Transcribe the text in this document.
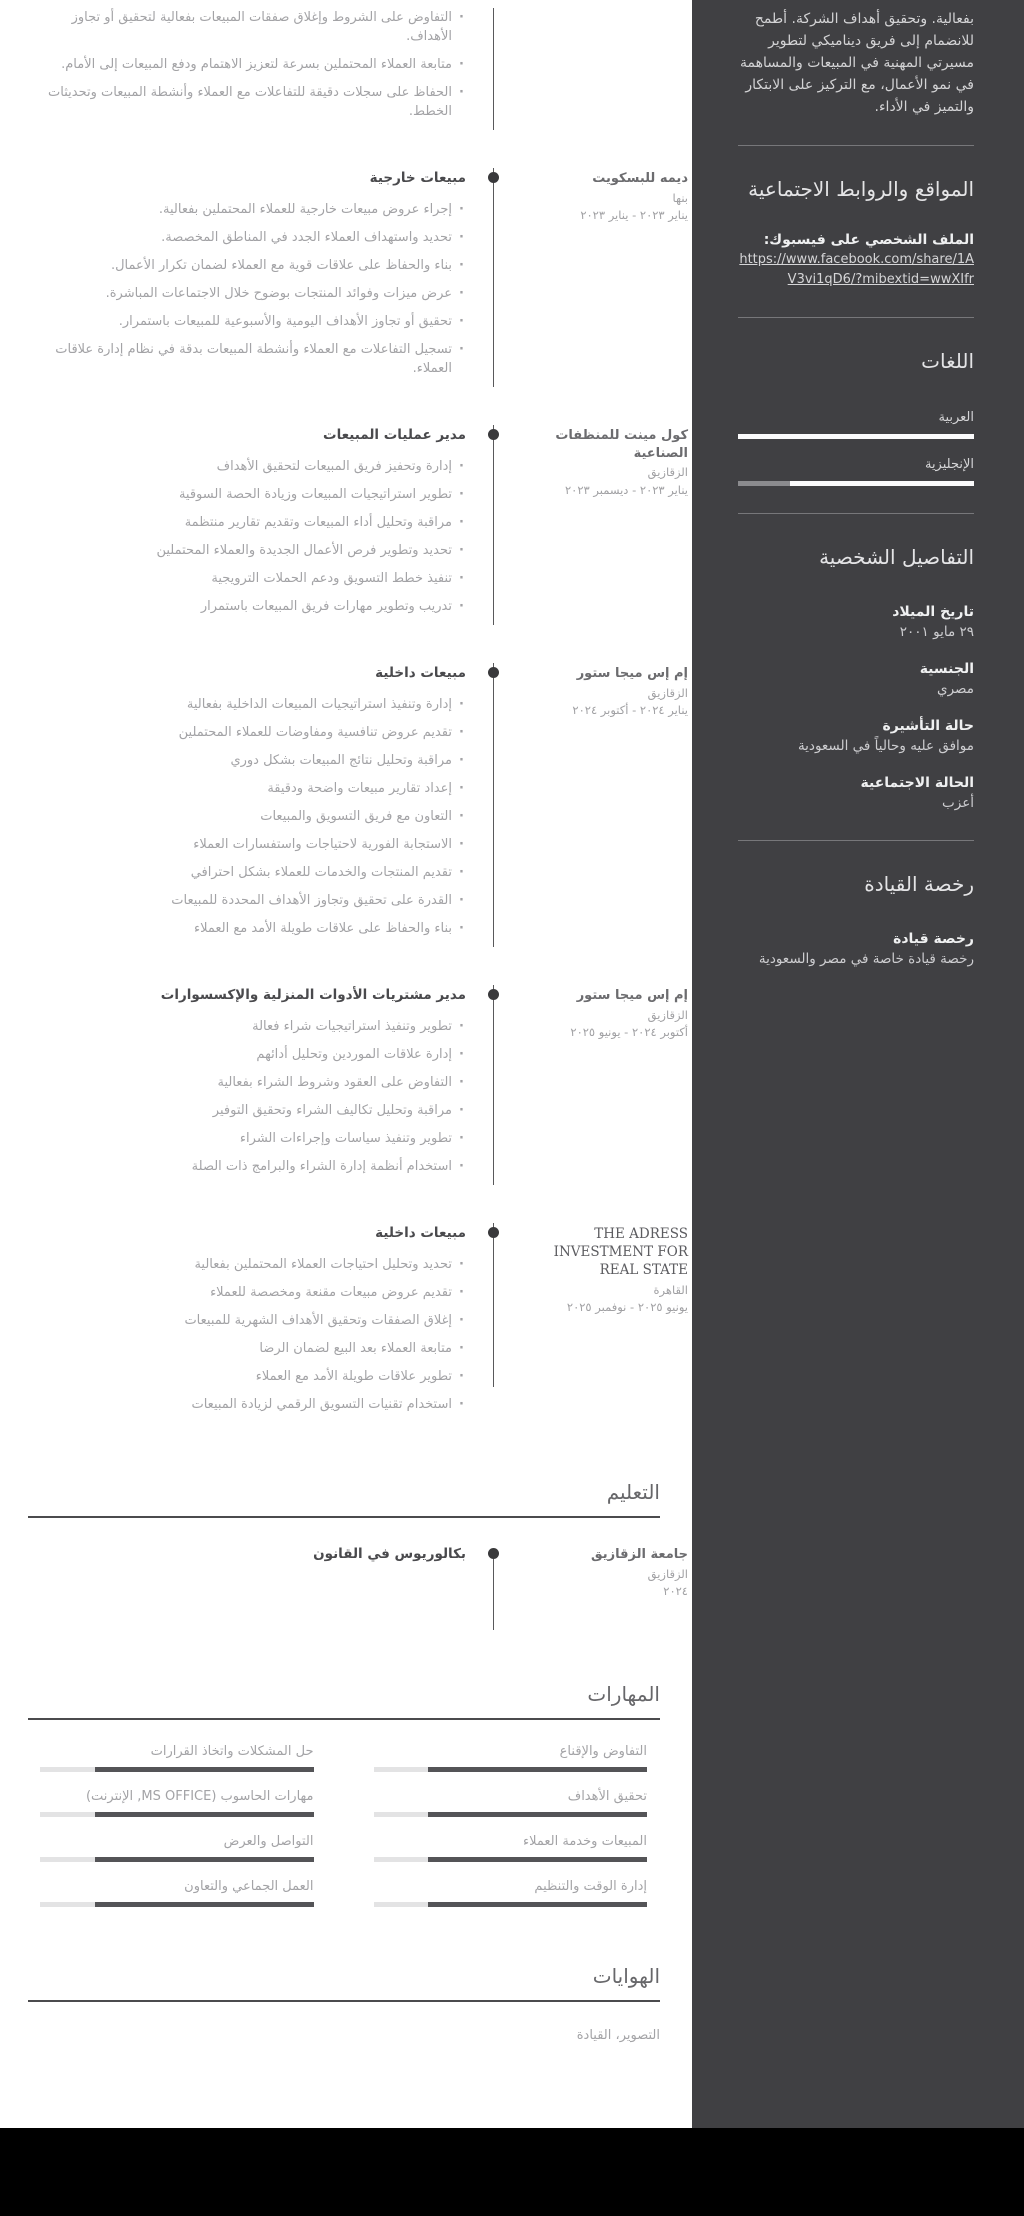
بفعالية. وتحقيق أهداف الشركة. أطمح للانضمام إلى فريق ديناميكي لتطوير مسيرتي المهنية في المبيعات والمساهمة في نمو الأعمال، مع التركيز على الابتكار والتميز في الأداء.

المواقع والروابط الاجتماعية
الملف الشخصي على فيسبوك:
https://www.facebook.com/share/1AV3vi1qD6/?mibextid=wwXIfr
اللغات
العربية
الإنجليزية
التفاصيل الشخصية
تاريخ الميلاد
٢٩ مايو ٢٠٠١
الجنسية
مصري
حالة التأشيرة
موافق عليه وحالياً في السعودية
الحالة الاجتماعية
أعزب
رخصة القيادة
رخصة قيادة
رخصة قيادة خاصة في مصر والسعودية
· التفاوض على الشروط وإغلاق صفقات المبيعات بفعالية لتحقيق أو تجاوز الأهداف.
· متابعة العملاء المحتملين بسرعة لتعزيز الاهتمام ودفع المبيعات إلى الأمام.
· الحفاظ على سجلات دقيقة للتفاعلات مع العملاء وأنشطة المبيعات وتحديثات الخطط.
ديمه للبسكويت
بنها
يناير ٢٠٢٣ - يناير ٢٠٢٣
مبيعات خارجية
· إجراء عروض مبيعات خارجية للعملاء المحتملين بفعالية.
· تحديد واستهداف العملاء الجدد في المناطق المخصصة.
· بناء والحفاظ على علاقات قوية مع العملاء لضمان تكرار الأعمال.
· عرض ميزات وفوائد المنتجات بوضوح خلال الاجتماعات المباشرة.
· تحقيق أو تجاوز الأهداف اليومية والأسبوعية للمبيعات باستمرار.
· تسجيل التفاعلات مع العملاء وأنشطة المبيعات بدقة في نظام إدارة علاقات العملاء.
كول مينت للمنظفات الصناعية
الزقازيق
يناير ٢٠٢٣ - ديسمبر ٢٠٢٣
مدير عمليات المبيعات
· إدارة وتحفيز فريق المبيعات لتحقيق الأهداف
· تطوير استراتيجيات المبيعات وزيادة الحصة السوقية
· مراقبة وتحليل أداء المبيعات وتقديم تقارير منتظمة
· تحديد وتطوير فرص الأعمال الجديدة والعملاء المحتملين
· تنفيذ خطط التسويق ودعم الحملات الترويجية
· تدريب وتطوير مهارات فريق المبيعات باستمرار
إم إس ميجا ستور
الزقازيق
يناير ٢٠٢٤ - أكتوبر ٢٠٢٤
مبيعات داخلية
· إدارة وتنفيذ استراتيجيات المبيعات الداخلية بفعالية
· تقديم عروض تنافسية ومفاوضات للعملاء المحتملين
· مراقبة وتحليل نتائج المبيعات بشكل دوري
· إعداد تقارير مبيعات واضحة ودقيقة
· التعاون مع فريق التسويق والمبيعات
· الاستجابة الفورية لاحتياجات واستفسارات العملاء
· تقديم المنتجات والخدمات للعملاء بشكل احترافي
· القدرة على تحقيق وتجاوز الأهداف المحددة للمبيعات
· بناء والحفاظ على علاقات طويلة الأمد مع العملاء
إم إس ميجا ستور
الزقازيق
أكتوبر ٢٠٢٤ - يونيو ٢٠٢٥
مدير مشتريات الأدوات المنزلية والإكسسوارات
· تطوير وتنفيذ استراتيجيات شراء فعالة
· إدارة علاقات الموردين وتحليل أدائهم
· التفاوض على العقود وشروط الشراء بفعالية
· مراقبة وتحليل تكاليف الشراء وتحقيق التوفير
· تطوير وتنفيذ سياسات وإجراءات الشراء
· استخدام أنظمة إدارة الشراء والبرامج ذات الصلة
THE ADRESS INVESTMENT FOR REAL STATE
القاهرة
يونيو ٢٠٢٥ - نوفمبر ٢٠٢٥
مبيعات داخلية
· تحديد وتحليل احتياجات العملاء المحتملين بفعالية
· تقديم عروض مبيعات مقنعة ومخصصة للعملاء
· إغلاق الصفقات وتحقيق الأهداف الشهرية للمبيعات
· متابعة العملاء بعد البيع لضمان الرضا
· تطوير علاقات طويلة الأمد مع العملاء
· استخدام تقنيات التسويق الرقمي لزيادة المبيعات
التعليم
جامعة الزقازيق
الزقازيق
٢٠٢٤
بكالوريوس في القانون
المهارات
التفاوض والإقناع
حل المشكلات واتخاذ القرارات
تحقيق الأهداف
مهارات الحاسوب (MS OFFICE, الإنترنت)
المبيعات وخدمة العملاء
التواصل والعرض
إدارة الوقت والتنظيم
العمل الجماعي والتعاون
الهوايات
التصوير، القيادة
